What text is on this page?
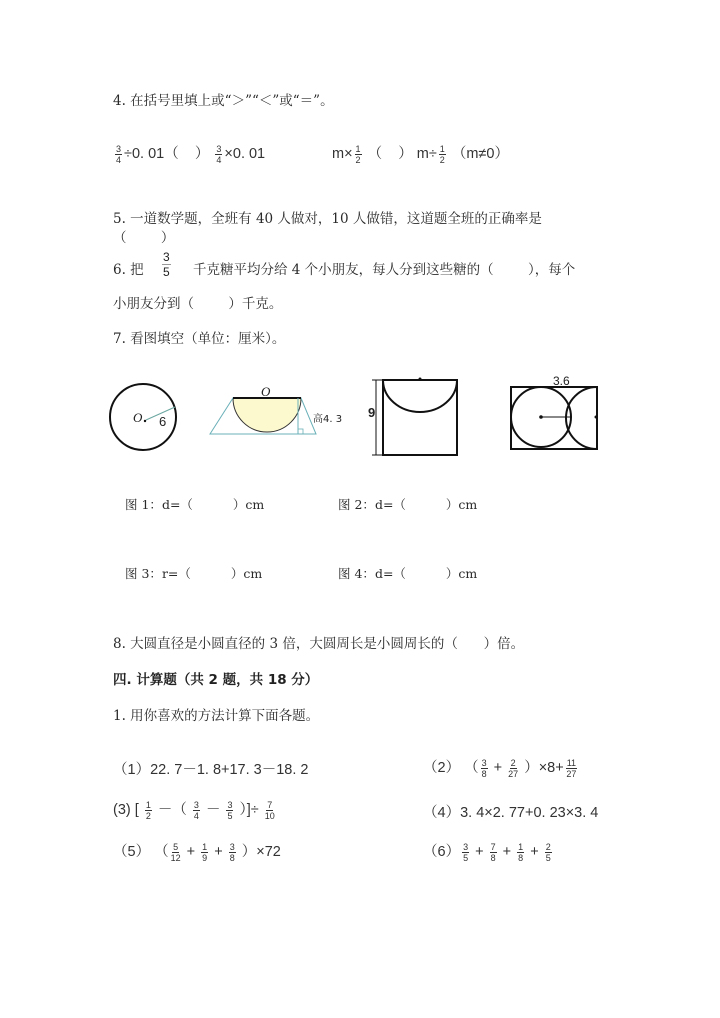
4. 在括号里填上或“＞”“＜”或“＝”。
$\frac{3}{4} \div 0$. 01（    ） $\frac{3}{4} \times 0$. 01	$m\times \frac{1}{2}$ （    ） $m\div \frac{1}{2} (m\ne 0)$
5. 一道数学题，全班有 40 人做对，10 人做错，这道题全班的正确率是
（        ）
6. 把 $\frac{3}{5}$ 千克糖平均分给 4 个小朋友，每人分到这些糖的（        ），每个
小朋友分到（        ）千克。
7. 看图填空（单位：厘米）。
O 6
O
高4. 3 9
3.6
图 1：d=（	）cm	图 2：d=（	）cm
图 3：r=（	）cm	图 4：d=（	）cm
8. 大圆直径是小圆直径的 3 倍，大圆周长是小圆周长的（      ）倍。
四. 计算题（共 2 题，共 18 分）
1. 用你喜欢的方法计算下面各题。
（1）22. 7－1. 8+17. 3－18. 2	（2） （ $\frac{3}{8} + \frac{2}{27} )\times 8+ \frac{11}{27}$
(3) [ $\frac{1}{2}$ －（ $\frac{3}{4} - \frac{3}{5}$ ）]÷ $\frac{7}{10}$	（4）3. 4×2. 77+0. 23×3. 4
（5） （ $\frac{5}{12} + \frac{1}{9} + \frac{3}{8} )\times 72$	$(6) \frac{3}{5} + \frac{7}{8} + \frac{1}{8} + \frac{2}{5}$
